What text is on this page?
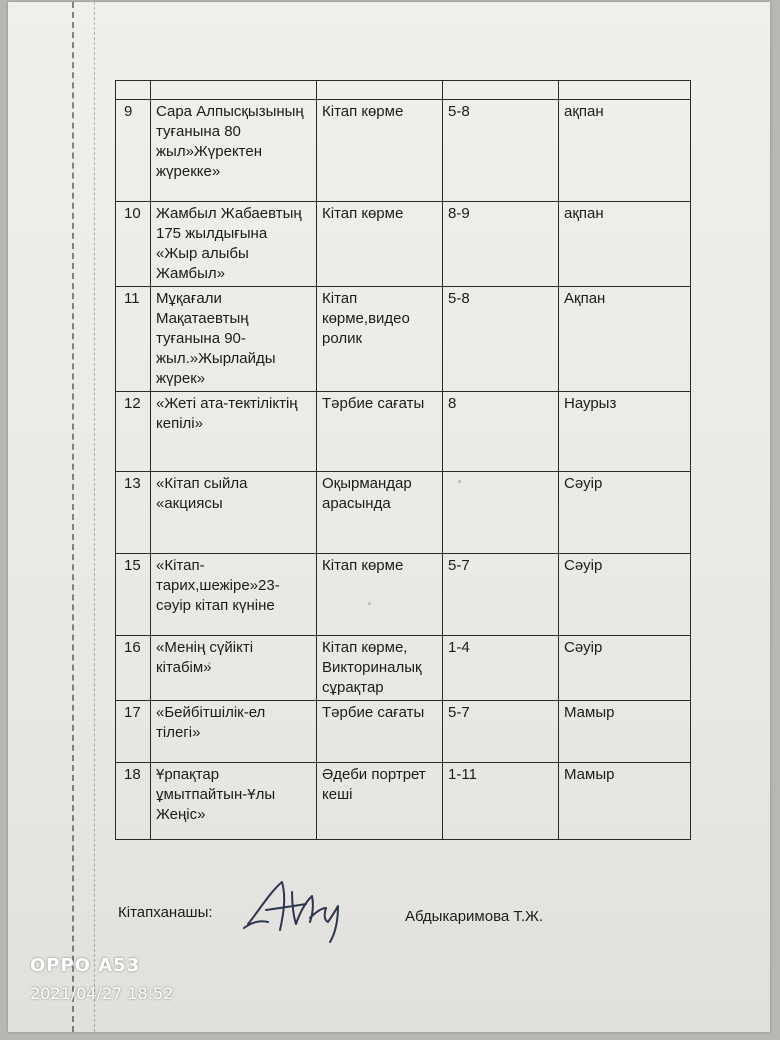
9	Сара Алпысқызының туғанына 80 жыл»Жүректен жүрекке»	Кітап көрме	5-8	ақпан
10	Жамбыл Жабаевтың 175 жылдығына «Жыр алыбы Жамбыл»	Кітап көрме	8-9	ақпан
11	Мұқағали Мақатаевтың туғанына 90-жыл.»Жырлайды жүрек»	Кітап көрме,видео ролик	5-8	Ақпан
12	«Жеті ата-тектіліктің кепілі»	Тәрбие сағаты	8	Наурыз
13	«Кітап сыйла «акциясы	Оқырмандар арасында		Сәуір
15	«Кітап-тарих,шежіре»23-сәуір кітап күніне	Кітап көрме	5-7	Сәуір
16	«Менің сүйікті кітабім»	Кітап көрме, Викториналық сұрақтар	1-4	Сәуір
17	«Бейбітшілік-ел тілегі»	Тәрбие сағаты	5-7	Мамыр
18	Ұрпақтар ұмытпайтын-Ұлы Жеңіс»	Әдеби портрет кеші	1-11	Мамыр
Кітапханашы:	Абдыкаримова Т.Ж.
OPPO A53
2021/04/27 18:52
